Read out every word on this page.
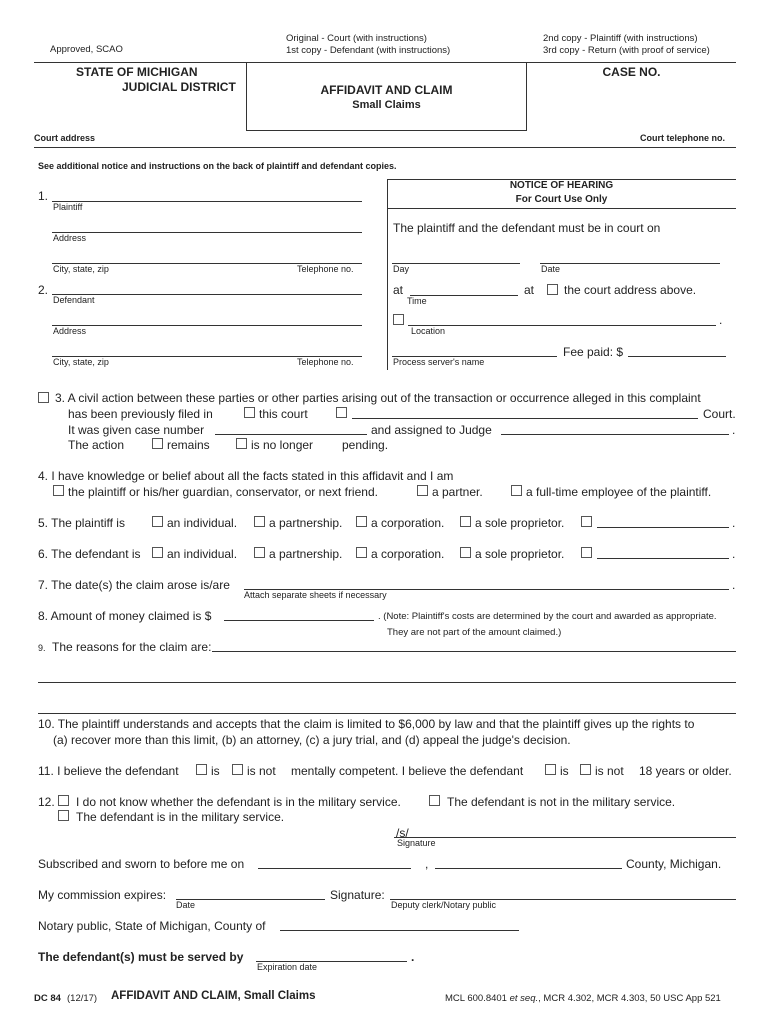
Approved, SCAO
Original - Court (with instructions)
1st copy - Defendant (with instructions)
2nd copy - Plaintiff (with instructions)
3rd copy - Return (with proof of service)
STATE OF MICHIGAN
JUDICIAL DISTRICT	AFFIDAVIT AND CLAIM
Small Claims
CASE NO.
Court address	Court telephone no.
See additional notice and instructions on the back of plaintiff and defendant copies.
1.
Plaintiff
Address
City, state, zip	Telephone no.
2.
Defendant
Address
City, state, zip	Telephone no.
NOTICE OF HEARING
For Court Use Only
The plaintiff and the defendant must be in court on
Day	Date
at
Time
at the court address above.
.
Location
Process server's name
Fee paid: $
3. A civil action between these parties or other parties arising out of the transaction or occurrence alleged in this complaint
has been previously filed in	this court	Court.
It was given case number	and assigned to Judge	.
The action	remains	is no longer pending.
4. I have knowledge or belief about all the facts stated in this affidavit and I am
the plaintiff or his/her guardian, conservator, or next friend.	a partner.	a full-time employee of the plaintiff.
5. The plaintiff is	an individual.	a partnership. a corporation.	a sole proprietor.	.
6. The defendant is an individual.	a partnership. a corporation.	a sole proprietor.	.
7. The date(s) the claim arose is/are	.
Attach separate sheets if necessary
8. Amount of money claimed is $	. (Note: Plaintiff's costs are determined by the court and awarded as appropriate.
They are not part of the amount claimed.)
9. The reasons for the claim are:
10. The plaintiff understands and accepts that the claim is limited to $6,000 by law and that the plaintiff gives up the rights to
(a) recover more than this limit, (b) an attorney, (c) a jury trial, and (d) appeal the judge's decision.
11. I believe the defendant	is is not mentally competent. I believe the defendant	is is not 18 years or older.
12. I do not know whether the defendant is in the military service.	The defendant is not in the military service.
The defendant is in the military service.
/s/
Signature
Subscribed and sworn to before me on	,	County, Michigan.
My commission expires:
Date
Signature:
Deputy clerk/Notary public
Notary public, State of Michigan, County of
The defendant(s) must be served by	.
Expiration date
DC 84 (12/17) AFFIDAVIT AND CLAIM, Small Claims	MCL 600.8401 et seq., MCR 4.302, MCR 4.303, 50 USC App 521
